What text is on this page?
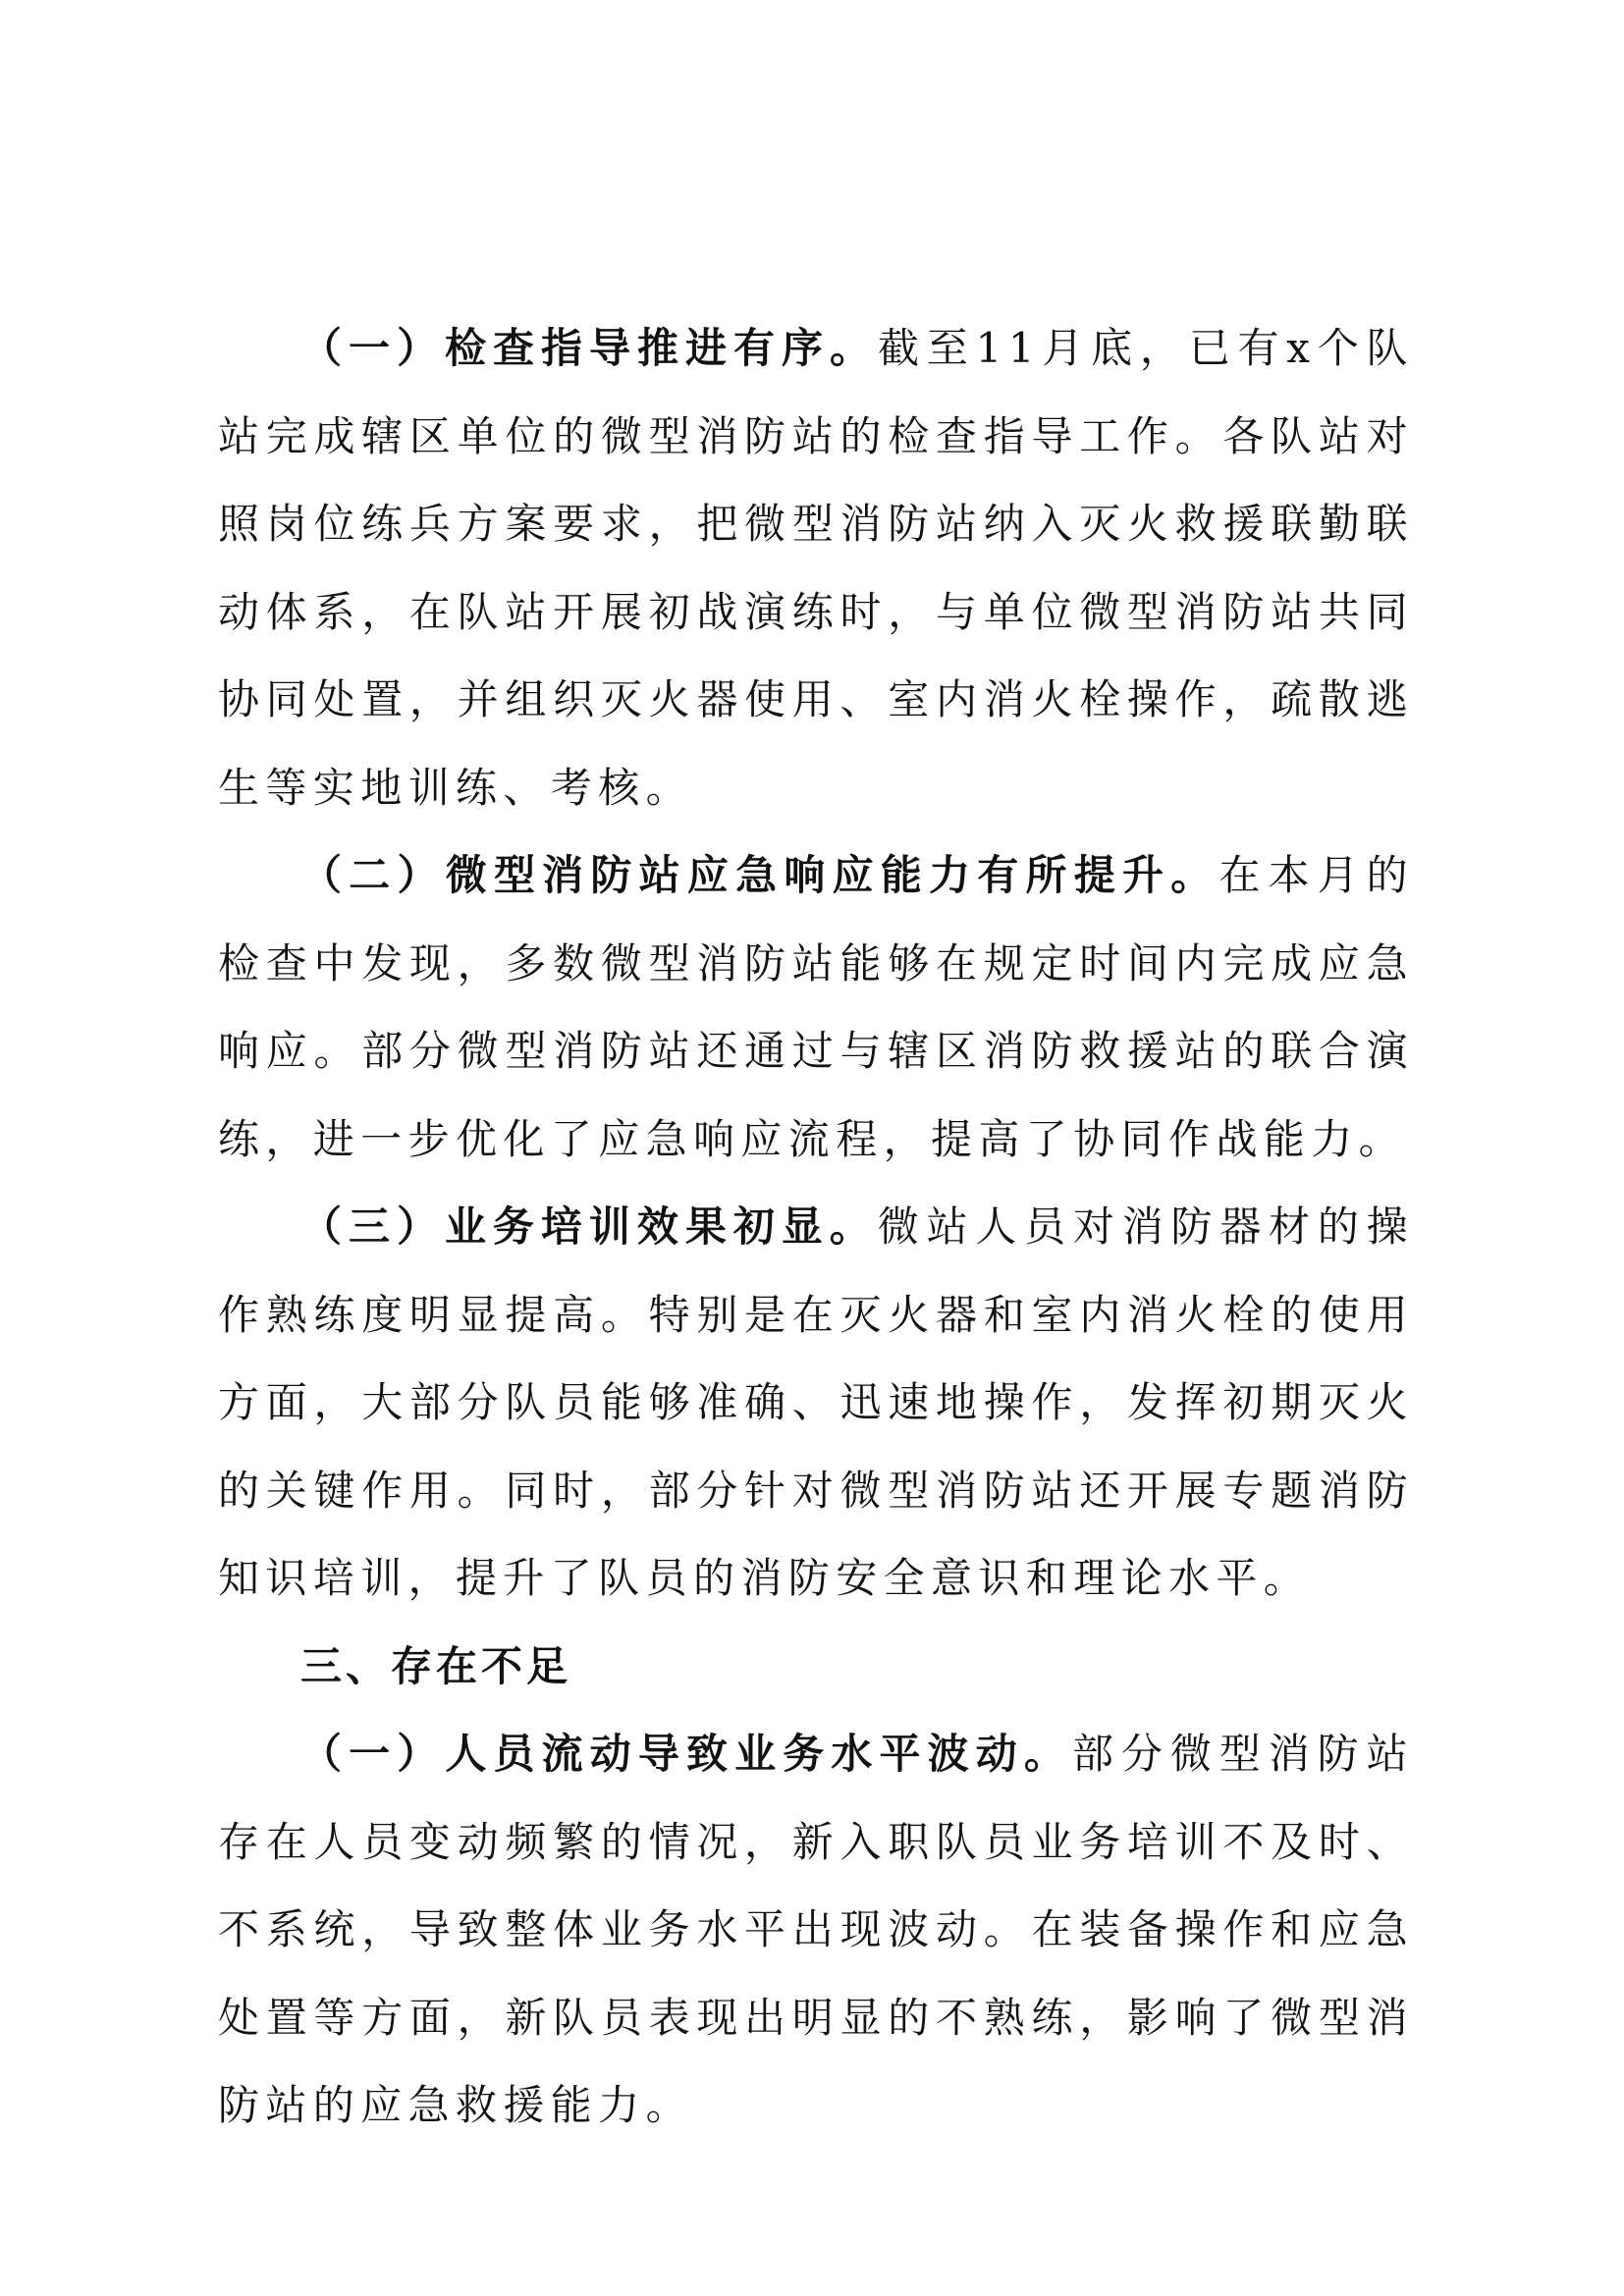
（一）检查指导推进有序。截至11月底，已有x个队站完成辖区单位的微型消防站的检查指导工作。各队站对照岗位练兵方案要求，把微型消防站纳入灭火救援联勤联动体系，在队站开展初战演练时，与单位微型消防站共同协同处置，并组织灭火器使用、室内消火栓操作，疏散逃生等实地训练、考核。

（二）微型消防站应急响应能力有所提升。在本月的检查中发现，多数微型消防站能够在规定时间内完成应急响应。部分微型消防站还通过与辖区消防救援站的联合演练，进一步优化了应急响应流程，提高了协同作战能力。

（三）业务培训效果初显。微站人员对消防器材的操作熟练度明显提高。特别是在灭火器和室内消火栓的使用方面，大部分队员能够准确、迅速地操作，发挥初期灭火的关键作用。同时，部分针对微型消防站还开展专题消防知识培训，提升了队员的消防安全意识和理论水平。

三、存在不足

（一）人员流动导致业务水平波动。部分微型消防站存在人员变动频繁的情况，新入职队员业务培训不及时、不系统，导致整体业务水平出现波动。在装备操作和应急处置等方面，新队员表现出明显的不熟练，影响了微型消防站的应急救援能力。
